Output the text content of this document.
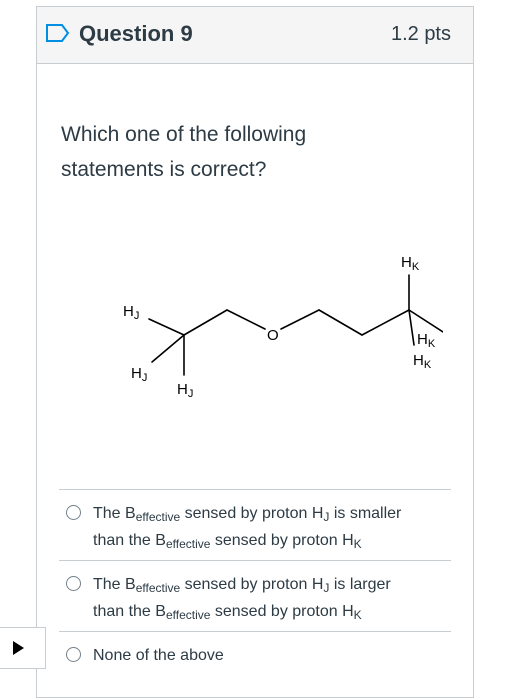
Question 9	1.2 pts
Which one of the following statements is correct?
$H_J$
$H_J$
$H_J$
O
$H_K$
$H_K$
$H_K$
The $B_{effective}$ sensed by proton $H_J$ is smaller
than the $B_{effective}$ sensed by proton $H_K$
The $B_{effective}$ sensed by proton $H_J$ is larger
than the $B_{effective}$ sensed by proton $H_K$
None of the above
